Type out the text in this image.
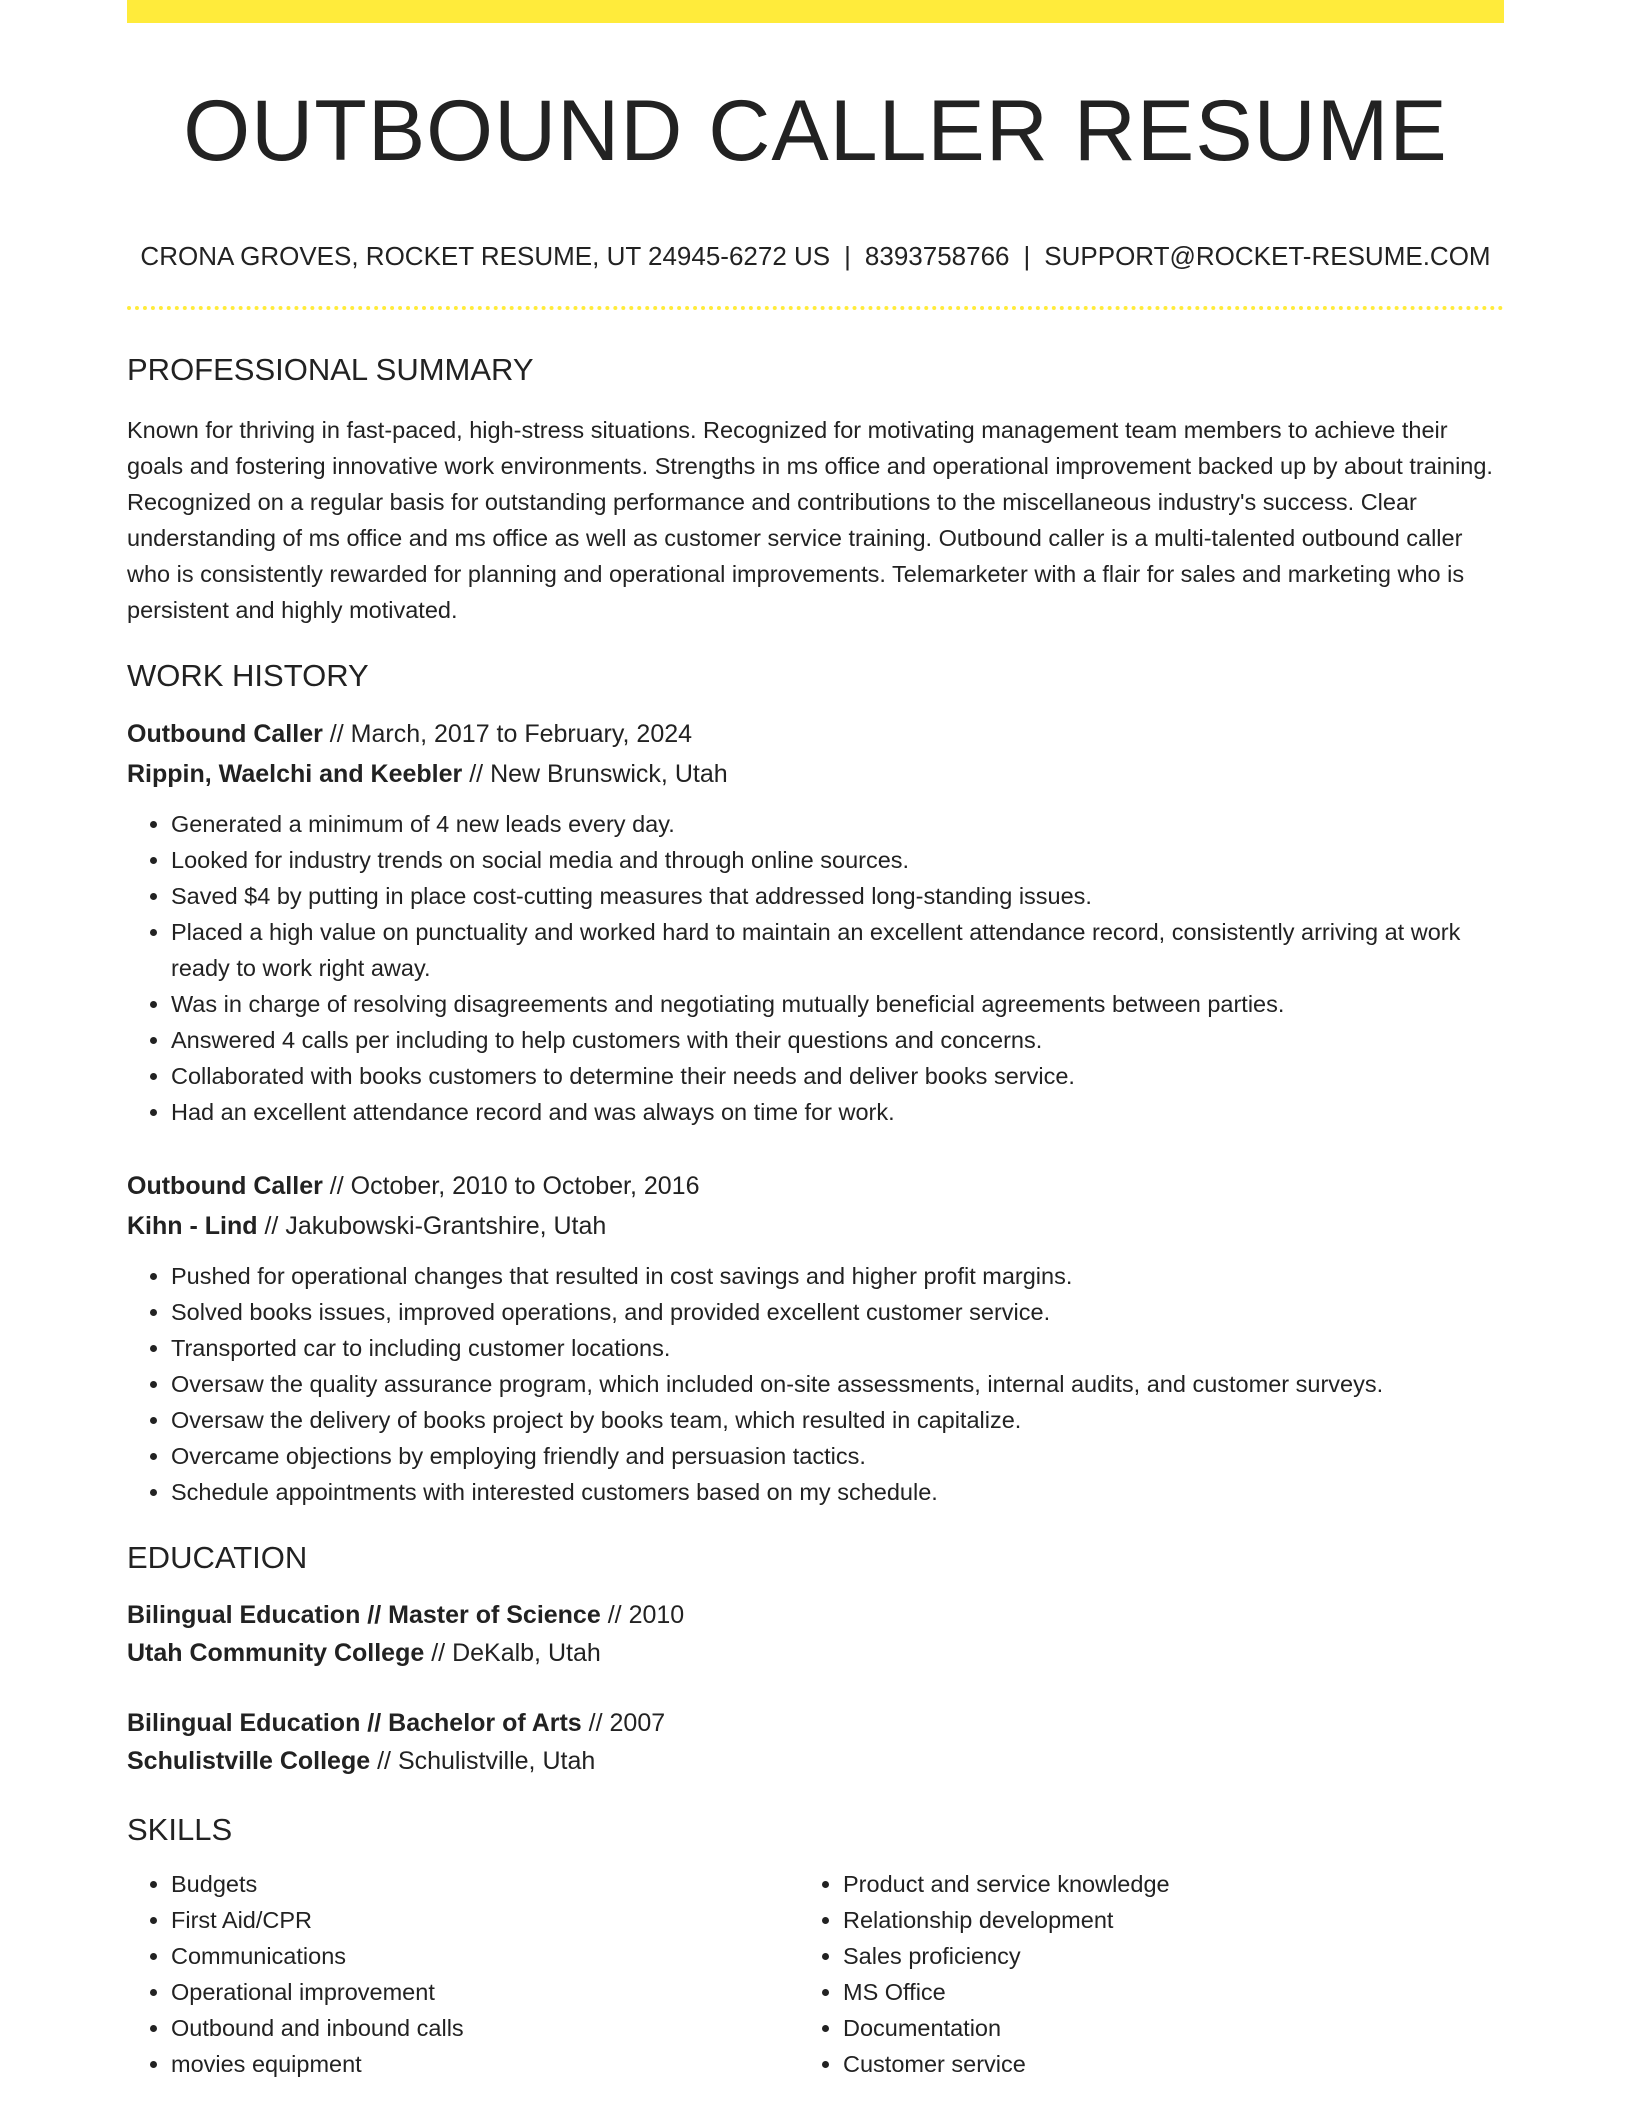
OUTBOUND CALLER RESUME
CRONA GROVES, ROCKET RESUME, UT 24945-6272 US | 8393758766 | SUPPORT@ROCKET-RESUME.COM
PROFESSIONAL SUMMARY

Known for thriving in fast-paced, high-stress situations. Recognized for motivating management team members to achieve their goals and fostering innovative work environments. Strengths in ms office and operational improvement backed up by about training. Recognized on a regular basis for outstanding performance and contributions to the miscellaneous industry's success. Clear understanding of ms office and ms office as well as customer service training. Outbound caller is a multi-talented outbound caller who is consistently rewarded for planning and operational improvements. Telemarketer with a flair for sales and marketing who is persistent and highly motivated.

WORK HISTORY
Outbound Caller // March, 2017 to February, 2024
Rippin, Waelchi and Keebler // New Brunswick, Utah
• Generated a minimum of 4 new leads every day.
• Looked for industry trends on social media and through online sources.
• Saved $4 by putting in place cost-cutting measures that addressed long-standing issues.
• Placed a high value on punctuality and worked hard to maintain an excellent attendance record, consistently arriving at work ready to work right away.
• Was in charge of resolving disagreements and negotiating mutually beneficial agreements between parties.
• Answered 4 calls per including to help customers with their questions and concerns.
• Collaborated with books customers to determine their needs and deliver books service.
• Had an excellent attendance record and was always on time for work.
Outbound Caller // October, 2010 to October, 2016
Kihn - Lind // Jakubowski-Grantshire, Utah
• Pushed for operational changes that resulted in cost savings and higher profit margins.
• Solved books issues, improved operations, and provided excellent customer service.
• Transported car to including customer locations.
• Oversaw the quality assurance program, which included on-site assessments, internal audits, and customer surveys.
• Oversaw the delivery of books project by books team, which resulted in capitalize.
• Overcame objections by employing friendly and persuasion tactics.
• Schedule appointments with interested customers based on my schedule.
EDUCATION
Bilingual Education // Master of Science // 2010
Utah Community College // DeKalb, Utah
Bilingual Education // Bachelor of Arts // 2007
Schulistville College // Schulistville, Utah
SKILLS
• Budgets
• First Aid/CPR
• Communications
• Operational improvement
• Outbound and inbound calls
• movies equipment
• Product and service knowledge
• Relationship development
• Sales proficiency
• MS Office
• Documentation
• Customer service
